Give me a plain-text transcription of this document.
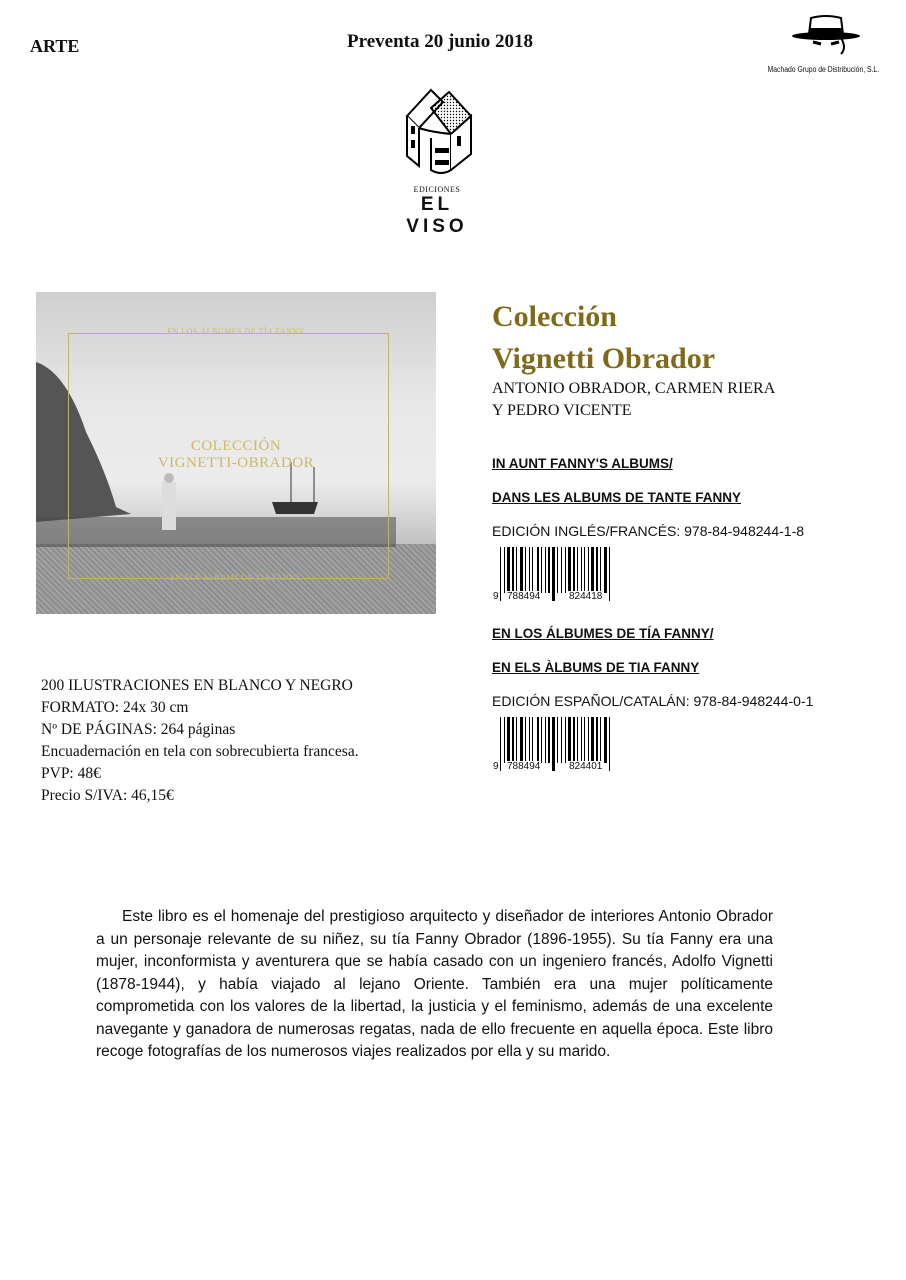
ARTE	Preventa 20 junio 2018
Machado Grupo de Distribución, S.L.
EDICIONES
EL VISO
EN LOS ÁLBUMES DE TÍA FANNY
COLECCIÓN
VIGNETTI-OBRADOR
EN ELS ÀLBUMS DE TIA FANNY
Colección
Vignetti Obrador
ANTONIO OBRADOR, CARMEN RIERA
Y PEDRO VICENTE
IN AUNT FANNY'S ALBUMS/
DANS LES ALBUMS DE TANTE FANNY
EDICIÓN INGLÉS/FRANCÉS: 978-84-948244-1-8
9 788494	824418
EN LOS ÁLBUMES DE TÍA FANNY/
EN ELS ÀLBUMS DE TIA FANNY
EDICIÓN ESPAÑOL/CATALÁN: 978-84-948244-0-1
9 788494	824401
200 ILUSTRACIONES EN BLANCO Y NEGRO
FORMATO: 24x 30 cm
Nº DE PÁGINAS: 264 páginas
Encuadernación en tela con sobrecubierta francesa.
PVP: 48€
Precio S/IVA: 46,15€
Este libro es el homenaje del prestigioso arquitecto y diseñador de interiores Antonio Obrador a un personaje relevante de su niñez, su tía Fanny Obrador (1896-1955). Su tía Fanny era una mujer, inconformista y aventurera que se había casado con un ingeniero francés, Adolfo Vignetti (1878-1944), y había viajado al lejano Oriente. También era una mujer políticamente comprometida con los valores de la libertad, la justicia y el feminismo, además de una excelente navegante y ganadora de numerosas regatas, nada de ello frecuente en aquella época. Este libro recoge fotografías de los numerosos viajes realizados por ella y su marido.
